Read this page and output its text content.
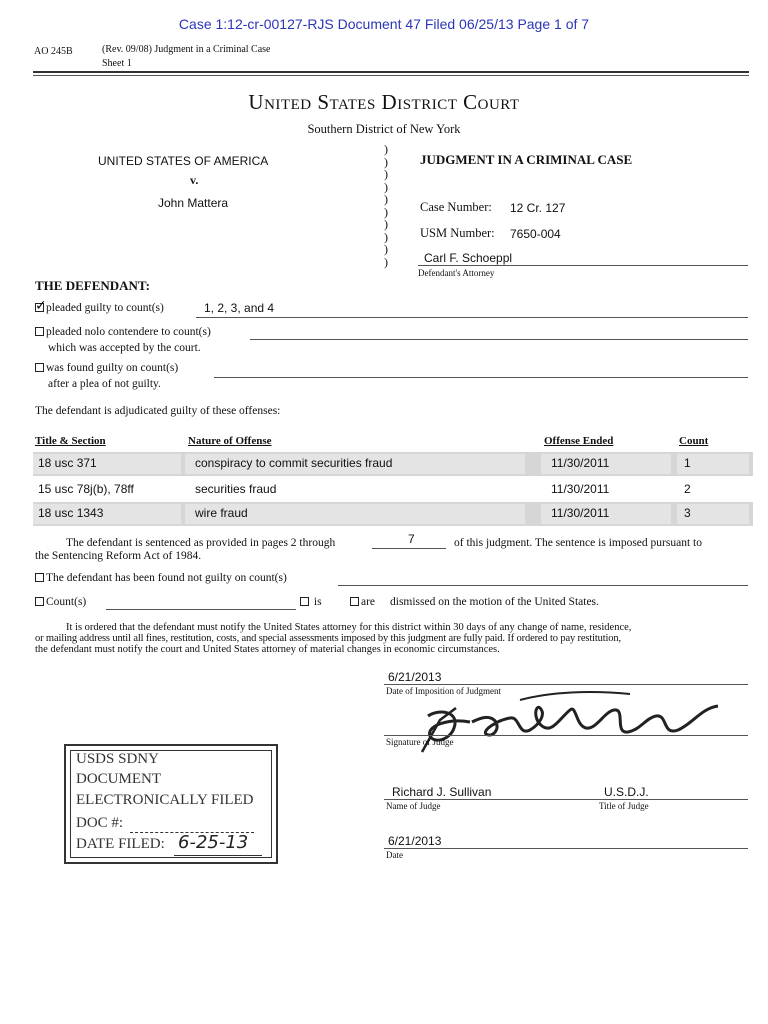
Case 1:12-cr-00127-RJS Document 47 Filed 06/25/13 Page 1 of 7
AO 245B	(Rev. 09/08) Judgment in a Criminal Case
Sheet 1
United States District Court
Southern District of New York
UNITED STATES OF AMERICA
v.
John Mattera
)
)
)
)
)
)
)
)
)
)
JUDGMENT IN A CRIMINAL CASE
Case Number: 12 Cr. 127
USM Number: 7650-004
Carl F. Schoeppl
Defendant's Attorney
THE DEFENDANT:
✓ pleaded guilty to count(s)	1, 2, 3, and 4
pleaded nolo contendere to count(s)
which was accepted by the court.
was found guilty on count(s)
after a plea of not guilty.
The defendant is adjudicated guilty of these offenses:
Title & Section	Nature of Offense	Offense Ended	Count
18 usc 371	conspiracy to commit securities fraud	11/30/2011	1
15 usc 78j(b), 78ff	securities fraud	11/30/2011	2
18 usc 1343	wire fraud	11/30/2011	3
The defendant is sentenced as provided in pages 2 through	7	of this judgment. The sentence is imposed pursuant to
the Sentencing Reform Act of 1984.
The defendant has been found not guilty on count(s)
Count(s)	is	are dismissed on the motion of the United States.
It is ordered that the defendant must notify the United States attorney for this district within 30 days of any change of name, residence,
or mailing address until all fines, restitution, costs, and special assessments imposed by this judgment are fully paid. If ordered to pay restitution,
the defendant must notify the court and United States attorney of material changes in economic circumstances.
6/21/2013
Date of Imposition of Judgment
Signature of Judge
Richard J. Sullivan	U.S.D.J.
Name of Judge	Title of Judge
6/21/2013
Date
USDS SDNY
DOCUMENT
ELECTRONICALLY FILED
DOC #:
DATE FILED: 6-25-13
